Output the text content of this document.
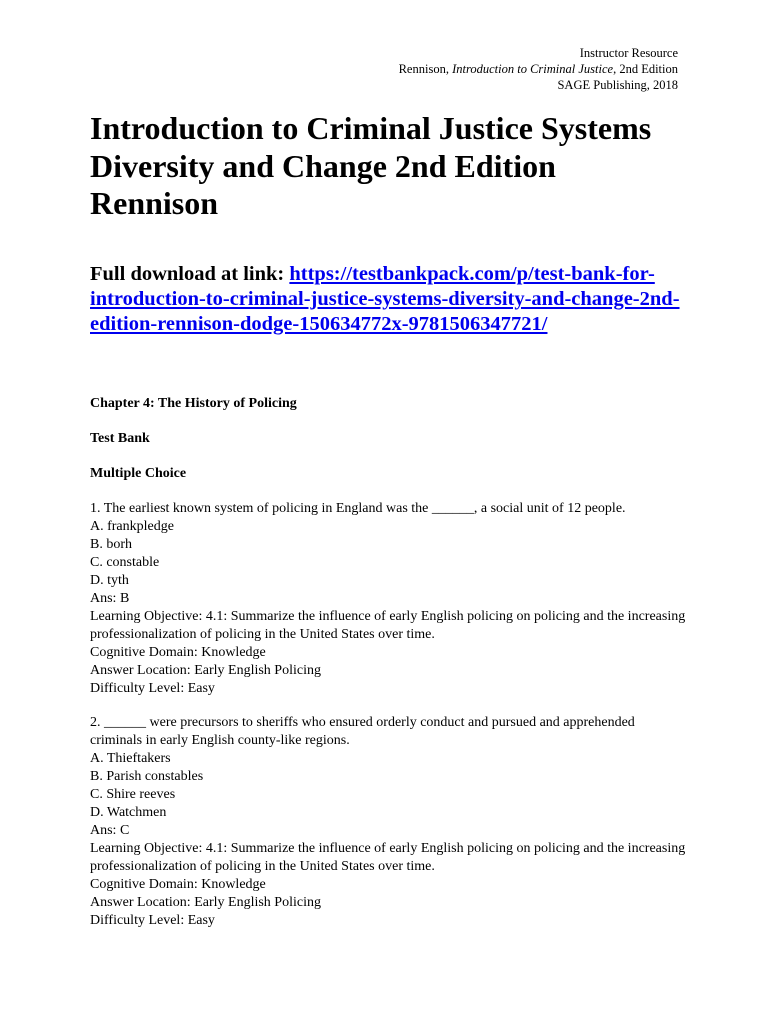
Instructor Resource
Rennison, Introduction to Criminal Justice, 2nd Edition
SAGE Publishing, 2018
Introduction to Criminal Justice Systems
Diversity and Change 2nd Edition
Rennison
Full download at link: https://testbankpack.com/p/test-bank-for-
introduction-to-criminal-justice-systems-diversity-and-change-2nd-
edition-rennison-dodge-150634772x-9781506347721/
Chapter 4: The History of Policing
Test Bank
Multiple Choice
1. The earliest known system of policing in England was the ______, a social unit of 12 people.
A. frankpledge
B. borh
C. constable
D. tyth
Ans: B
Learning Objective: 4.1: Summarize the influence of early English policing on policing and the increasing professionalization of policing in the United States over time.
Cognitive Domain: Knowledge
Answer Location: Early English Policing
Difficulty Level: Easy
2. ______ were precursors to sheriffs who ensured orderly conduct and pursued and apprehended criminals in early English county-like regions.
A. Thieftakers
B. Parish constables
C. Shire reeves
D. Watchmen
Ans: C
Learning Objective: 4.1: Summarize the influence of early English policing on policing and the increasing professionalization of policing in the United States over time.
Cognitive Domain: Knowledge
Answer Location: Early English Policing
Difficulty Level: Easy
